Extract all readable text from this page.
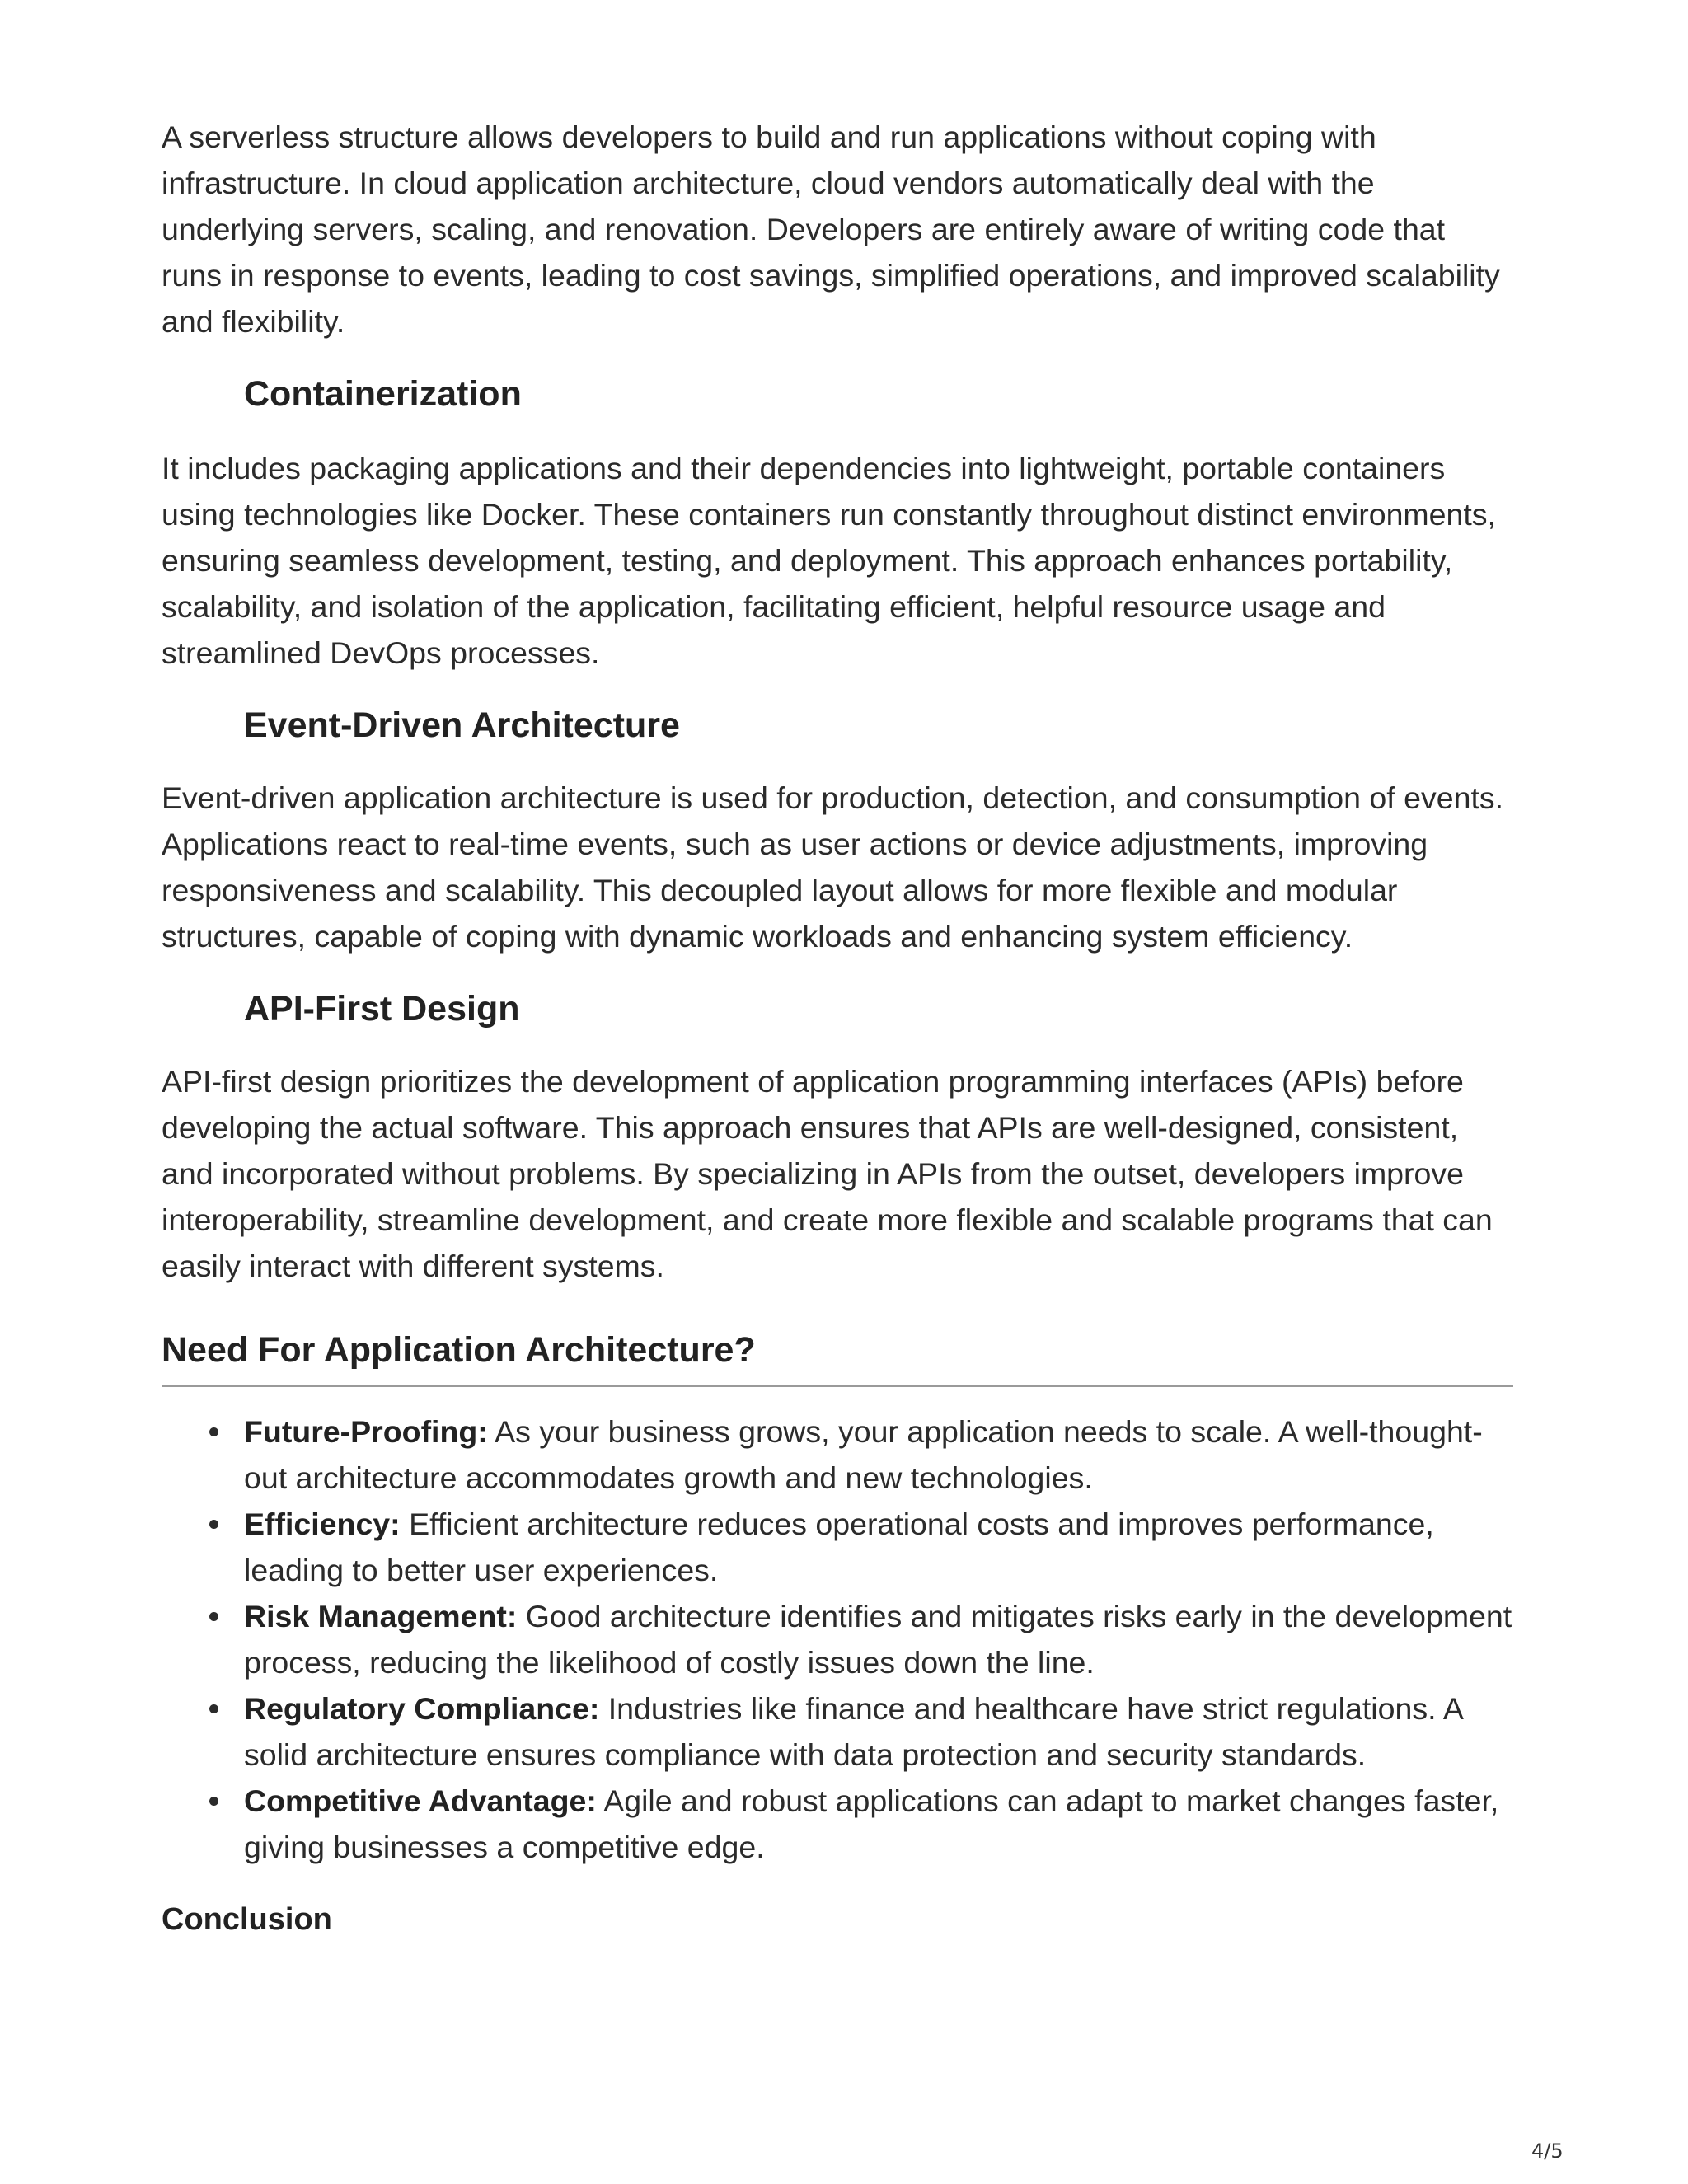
A serverless structure allows developers to build and run applications without coping with infrastructure. In cloud application architecture, cloud vendors automatically deal with the underlying servers, scaling, and renovation. Developers are entirely aware of writing code that runs in response to events, leading to cost savings, simplified operations, and improved scalability and flexibility.

Containerization

It includes packaging applications and their dependencies into lightweight, portable containers using technologies like Docker. These containers run constantly throughout distinct environments, ensuring seamless development, testing, and deployment. This approach enhances portability, scalability, and isolation of the application, facilitating efficient, helpful resource usage and streamlined DevOps processes.

Event-Driven Architecture

Event-driven application architecture is used for production, detection, and consumption of events. Applications react to real-time events, such as user actions or device adjustments, improving responsiveness and scalability. This decoupled layout allows for more flexible and modular structures, capable of coping with dynamic workloads and enhancing system efficiency.

API-First Design

API-first design prioritizes the development of application programming interfaces (APIs) before developing the actual software. This approach ensures that APIs are well-designed, consistent, and incorporated without problems. By specializing in APIs from the outset, developers improve interoperability, streamline development, and create more flexible and scalable programs that can easily interact with different systems.

Need For Application Architecture?
Future-Proofing: As your business grows, your application needs to scale. A well-thought-out architecture accommodates growth and new technologies.
Efficiency: Efficient architecture reduces operational costs and improves performance, leading to better user experiences.
Risk Management: Good architecture identifies and mitigates risks early in the development process, reducing the likelihood of costly issues down the line.
Regulatory Compliance: Industries like finance and healthcare have strict regulations. A solid architecture ensures compliance with data protection and security standards.
Competitive Advantage: Agile and robust applications can adapt to market changes faster, giving businesses a competitive edge.
Conclusion
4/5
